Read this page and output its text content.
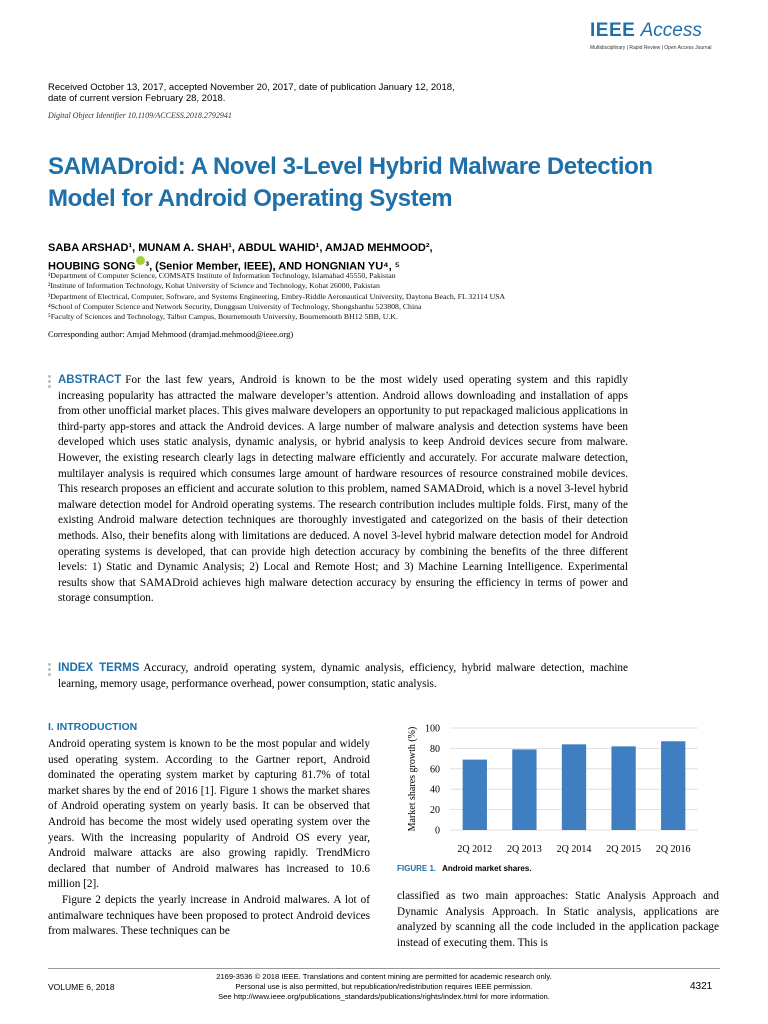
IEEE Access
Multidisciplinary | Rapid Review | Open Access Journal
Received October 13, 2017, accepted November 20, 2017, date of publication January 12, 2018,
date of current version February 28, 2018.
Digital Object Identifier 10.1109/ACCESS.2018.2792941
SAMADroid: A Novel 3-Level Hybrid Malware Detection Model for Android Operating System
SABA ARSHAD¹, MUNAM A. SHAH¹, ABDUL WAHID¹, AMJAD MEHMOOD²,
HOUBING SONG ³, (Senior Member, IEEE), AND HONGNIAN YU⁴, ⁵
¹Department of Computer Science, COMSATS Institute of Information Technology, Islamabad 45550, Pakistan
²Institute of Information Technology, Kohat University of Science and Technology, Kohat 26000, Pakistan
³Department of Electrical, Computer, Software, and Systems Engineering, Embry-Riddle Aeronautical University, Daytona Beach, FL 32114 USA
⁴School of Computer Science and Network Security, Dongguan University of Technology, Shongshanhu 523808, China
⁵Faculty of Sciences and Technology, Talbot Campus, Bournemouth University, Bournemouth BH12 5BB, U.K.
Corresponding author: Amjad Mehmood (dramjad.mehmood@ieee.org)
ABSTRACT For the last few years, Android is known to be the most widely used operating system and this rapidly increasing popularity has attracted the malware developer’s attention. Android allows downloading and installation of apps from other unofficial market places. This gives malware developers an opportunity to put repackaged malicious applications in third-party app-stores and attack the Android devices. A large number of malware analysis and detection systems have been developed which uses static analysis, dynamic analysis, or hybrid analysis to keep Android devices secure from malware. However, the existing research clearly lags in detecting malware efficiently and accurately. For accurate malware detection, multilayer analysis is required which consumes large amount of hardware resources of resource constrained mobile devices. This research proposes an efficient and accurate solution to this problem, named SAMADroid, which is a novel 3-level hybrid malware detection model for Android operating systems. The research contribution includes multiple folds. First, many of the existing Android malware detection techniques are thoroughly investigated and categorized on the basis of their detection methods. Also, their benefits along with limitations are deduced. A novel 3-level hybrid malware detection model for Android operating systems is developed, that can provide high detection accuracy by combining the benefits of the three different levels: 1) Static and Dynamic Analysis; 2) Local and Remote Host; and 3) Machine Learning Intelligence. Experimental results show that SAMADroid achieves high malware detection accuracy by ensuring the efficiency in terms of power and storage consumption.
INDEX TERMS Accuracy, android operating system, dynamic analysis, efficiency, hybrid malware detection, machine learning, memory usage, performance overhead, power consumption, static analysis.
I. INTRODUCTION

Android operating system is known to be the most popular and widely used operating system. According to the Gartner report, Android dominated the operating system market by capturing 81.7% of total market shares by the end of 2016 [1]. Figure 1 shows the market shares of Android operating system on yearly basis. It can be observed that Android has become the most widely used operating system over the years. With the increasing popularity of Android OS every year, Android malware attacks are also growing rapidly. TrendMicro declared that number of Android malwares has increased to 10.6 million [2].

Figure 2 depicts the yearly increase in Android malwares. A lot of antimalware techniques have been proposed to protect Android devices from malwares. These techniques can be

0
20
40
60
80
100
Market shares growth (%)
2Q 2012 2Q 2013 2Q 2014 2Q 2015 2Q 2016
FIGURE 1. Android market shares.

classified as two main approaches: Static Analysis Approach and Dynamic Analysis Approach. In Static analysis, applications are analyzed by scanning all the code included in the application package instead of executing them. This is

VOLUME 6, 2018
2169-3536 © 2018 IEEE. Translations and content mining are permitted for academic research only.
Personal use is also permitted, but republication/redistribution requires IEEE permission.
See http://www.ieee.org/publications_standards/publications/rights/index.html for more information.
4321
